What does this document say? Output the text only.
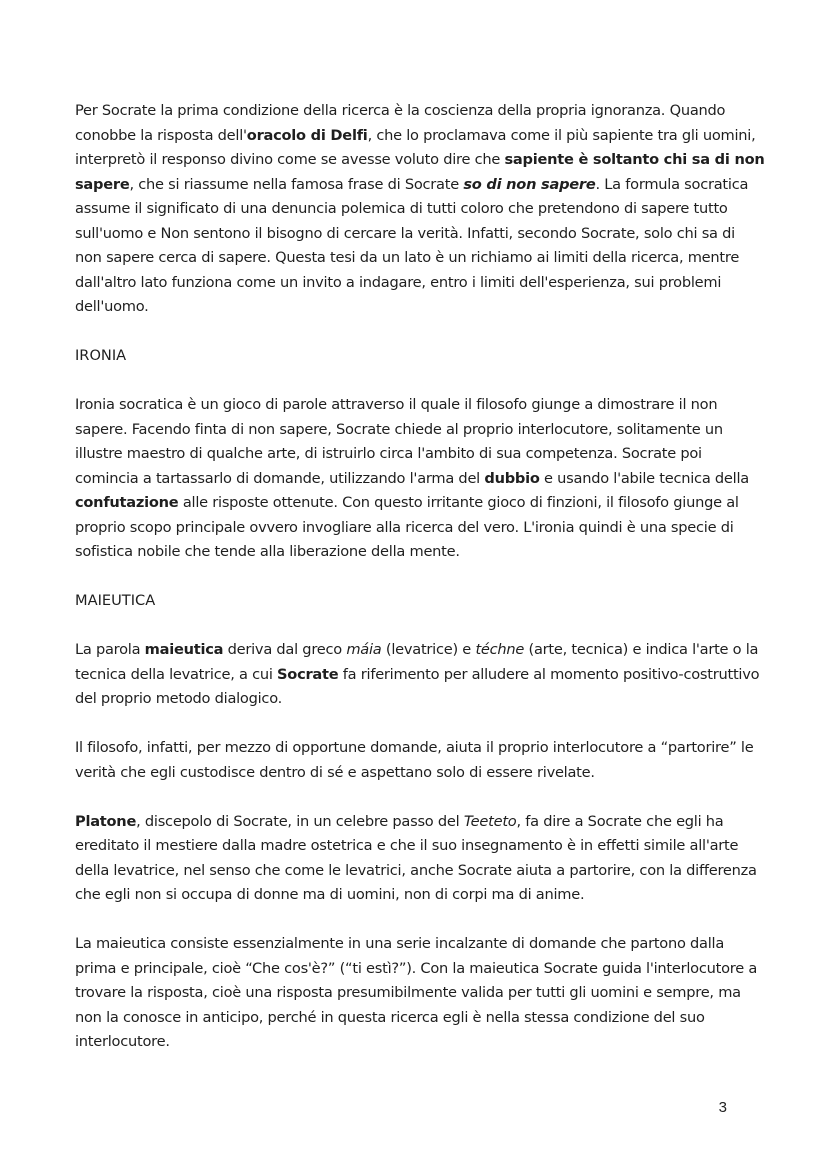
Per Socrate la prima condizione della ricerca è la coscienza della propria ignoranza. Quando conobbe la risposta dell'oracolo di Delfi, che lo proclamava come il più sapiente tra gli uomini, interpretò il responso divino come se avesse voluto dire che sapiente è soltanto chi sa di non sapere, che si riassume nella famosa frase di Socrate so di non sapere. La formula socratica assume il significato di una denuncia polemica di tutti coloro che pretendono di sapere tutto sull'uomo e Non sentono il bisogno di cercare la verità. Infatti, secondo Socrate, solo chi sa di non sapere cerca di sapere. Questa tesi da un lato è un richiamo ai limiti della ricerca, mentre dall'altro lato funziona come un invito a indagare, entro i limiti dell'esperienza, sui problemi dell'uomo.

IRONIA

Ironia socratica è un gioco di parole attraverso il quale il filosofo giunge a dimostrare il non sapere. Facendo finta di non sapere, Socrate chiede al proprio interlocutore, solitamente un illustre maestro di qualche arte, di istruirlo circa l'ambito di sua competenza. Socrate poi comincia a tartassarlo di domande, utilizzando l'arma del dubbio e usando l'abile tecnica della confutazione alle risposte ottenute. Con questo irritante gioco di finzioni, il filosofo giunge al proprio scopo principale ovvero invogliare alla ricerca del vero. L'ironia quindi è una specie di sofistica nobile che tende alla liberazione della mente.

MAIEUTICA

La parola maieutica deriva dal greco máia (levatrice) e téchne (arte, tecnica) e indica l'arte o la tecnica della levatrice, a cui Socrate fa riferimento per alludere al momento positivo-costruttivo del proprio metodo dialogico.

Il filosofo, infatti, per mezzo di opportune domande, aiuta il proprio interlocutore a “partorire” le verità che egli custodisce dentro di sé e aspettano solo di essere rivelate.

Platone, discepolo di Socrate, in un celebre passo del Teeteto, fa dire a Socrate che egli ha ereditato il mestiere dalla madre ostetrica e che il suo insegnamento è in effetti simile all'arte della levatrice, nel senso che come le levatrici, anche Socrate aiuta a partorire, con la differenza che egli non si occupa di donne ma di uomini, non di corpi ma di anime.

La maieutica consiste essenzialmente in una serie incalzante di domande che partono dalla prima e principale, cioè “Che cos'è?” (“ti estì?”). Con la maieutica Socrate guida l'interlocutore a trovare la risposta, cioè una risposta presumibilmente valida per tutti gli uomini e sempre, ma non la conosce in anticipo, perché in questa ricerca egli è nella stessa condizione del suo interlocutore.

3
